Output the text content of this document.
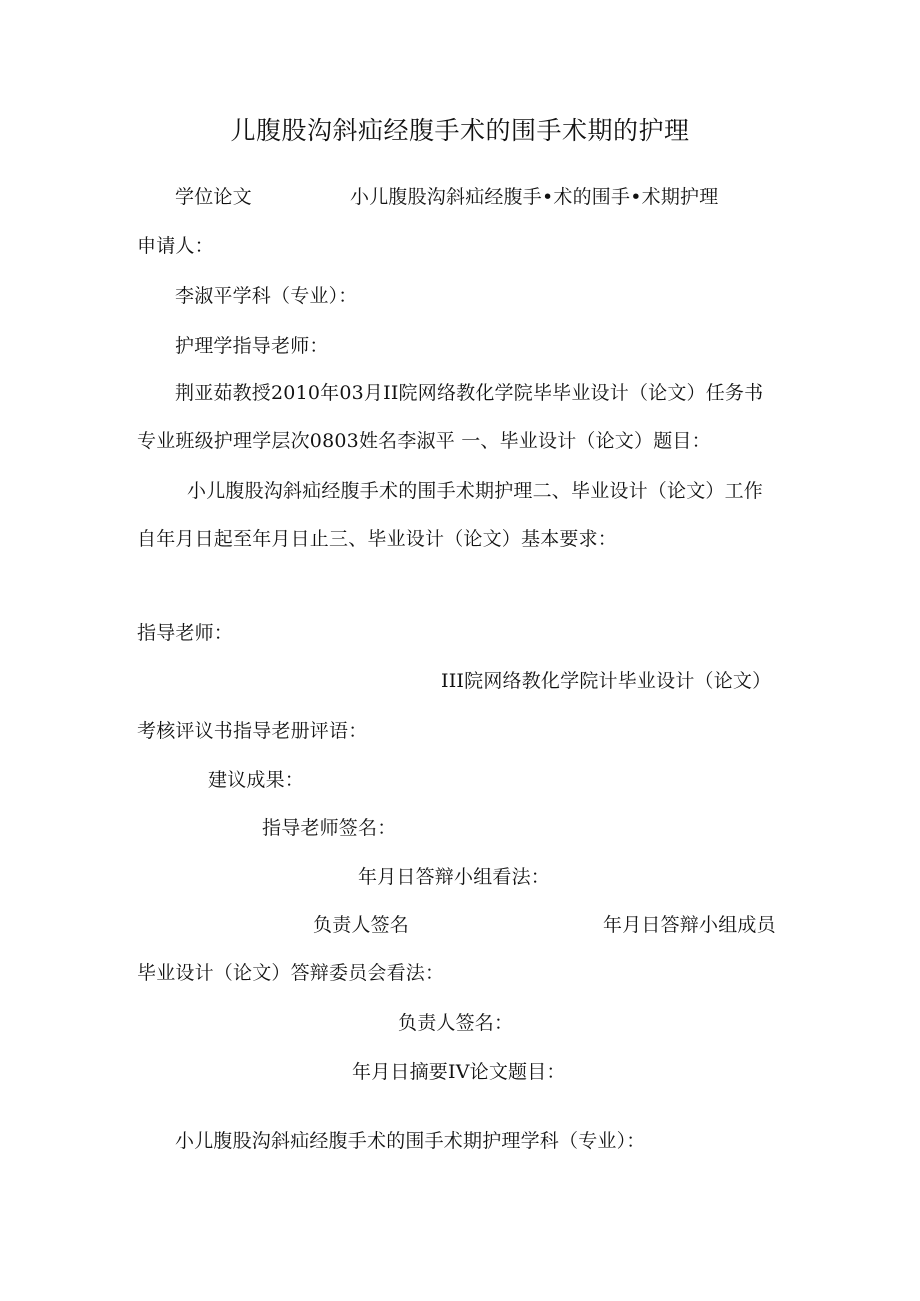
儿腹股沟斜疝经腹手术的围手术期的护理
学位论文	小儿腹股沟斜疝经腹手•术的围手•术期护理
申请人：
李淑平学科（专业）：
护理学指导老师：
荆亚茹教授2010年03月II院网络教化学院毕毕业设计（论文）任务书
专业班级护理学层次0803姓名李淑平 一、毕业设计（论文）题目：
小儿腹股沟斜疝经腹手术的围手术期护理二、毕业设计（论文）工作
自年月日起至年月日止三、毕业设计（论文）基本要求：
指导老师：
III院网络教化学院计毕业设计（论文）
考核评议书指导老册评语：
建议成果：
指导老师签名：
年月日答辩小组看法：
负责人签名	年月日答辩小组成员
毕业设计（论文）答辩委员会看法：
负责人签名：
年月日摘要IV论文题目：
小儿腹股沟斜疝经腹手术的围手术期护理学科（专业）：
